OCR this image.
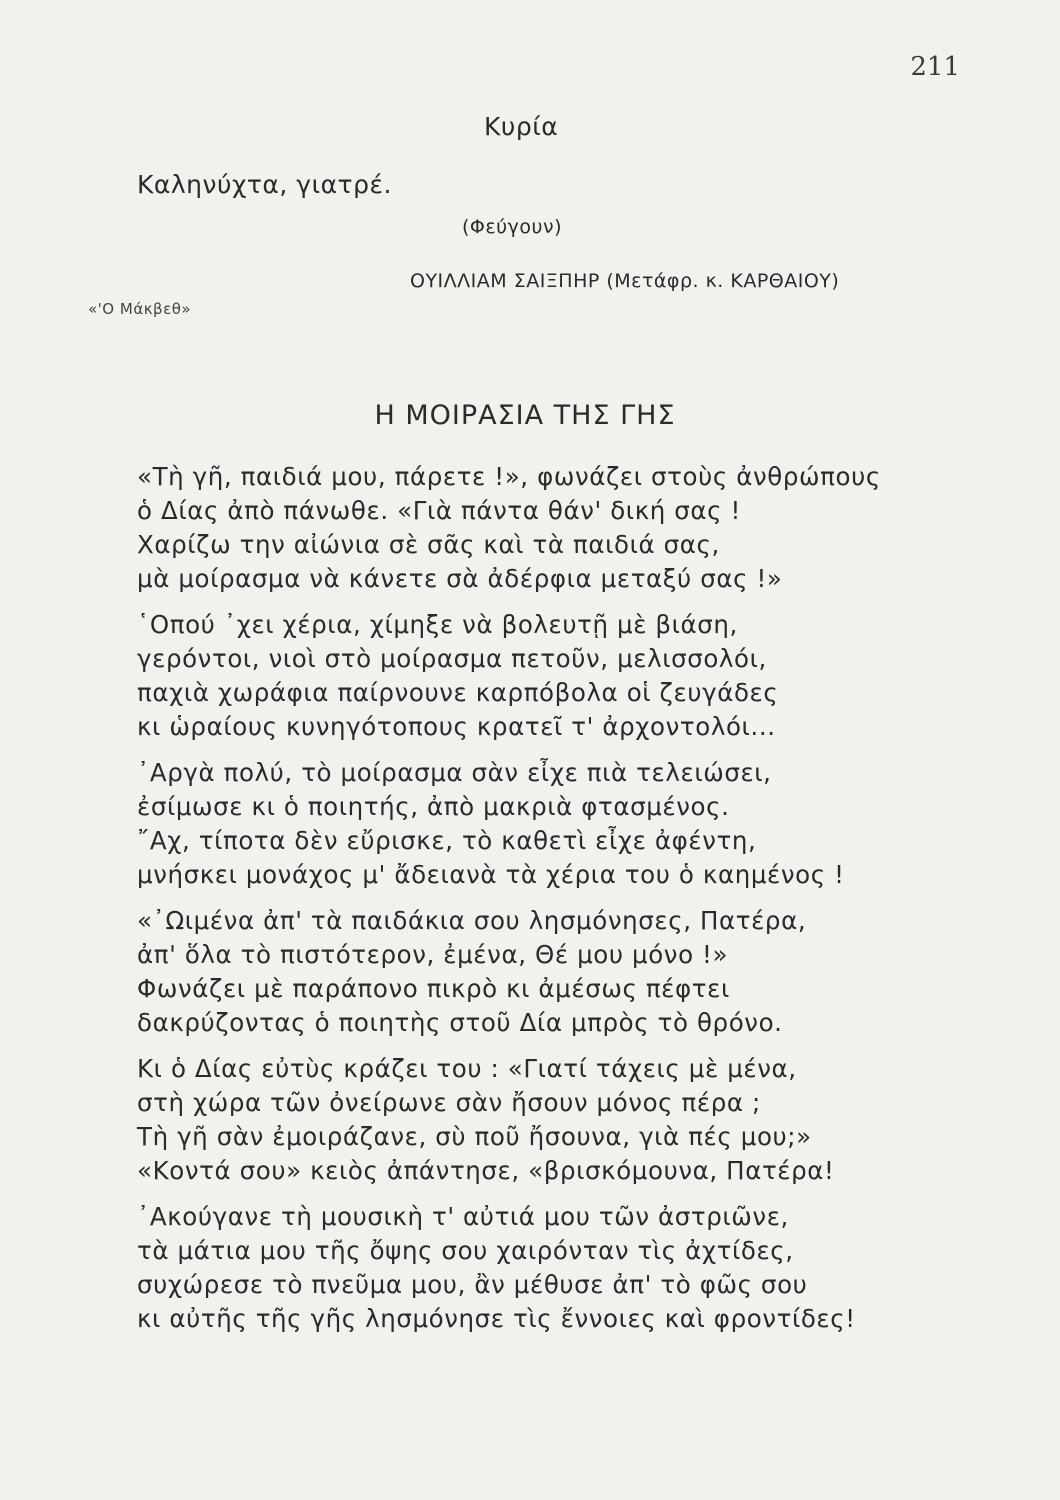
211
Κυρία
Καληνύχτα, γιατρέ.
(Φεύγουν)
ΟΥΙΛΛΙΑΜ ΣΑΙΞΠΗΡ (Μετάφρ. κ. ΚΑΡΘΑΙΟΥ)
«'Ο Μάκβεθ»
Η ΜΟΙΡΑΣΙΑ ΤΗΣ ΓΗΣ
«Τὴ γῆ, παιδιά μου, πάρετε !», φωνάζει στοὺς ἀνθρώπους
ὁ Δίας ἀπὸ πάνωθε. «Γιὰ πάντα θάν' δική σας !
Χαρίζω την αἰώνια σὲ σᾶς καὶ τὰ παιδιά σας,
μὰ μοίρασμα νὰ κάνετε σὰ ἀδέρφια μεταξύ σας !»
῾Οπού ᾿χει χέρια, χίμηξε νὰ βολευτῇ μὲ βιάση,
γερόντοι, νιοὶ στὸ μοίρασμα πετοῦν, μελισσολόι,
παχιὰ χωράφια παίρνουνε καρπόβολα οἱ ζευγάδες
κι ὡραίους κυνηγότοπους κρατεῖ τ' ἀρχοντολόι...
᾿Αργὰ πολύ, τὸ μοίρασμα σὰν εἶχε πιὰ τελειώσει,
ἐσίμωσε κι ὁ ποιητής, ἀπὸ μακριὰ φτασμένος.
῎Αχ, τίποτα δὲν εὔρισκε, τὸ καθετὶ εἶχε ἀφέντη,
μνήσκει μονάχος μ' ἄδειανὰ τὰ χέρια του ὁ καημένος !
«᾿Ωιμένα ἀπ' τὰ παιδάκια σου λησμόνησες, Πατέρα,
ἀπ' ὅλα τὸ πιστότερον, ἐμένα, Θέ μου μόνο !»
Φωνάζει μὲ παράπονο πικρὸ κι ἀμέσως πέφτει
δακρύζοντας ὁ ποιητὴς στοῦ Δία μπρὸς τὸ θρόνο.
Κι ὁ Δίας εὐτὺς κράζει του : «Γιατί τάχεις μὲ μένα,
στὴ χώρα τῶν ὀνείρωνε σὰν ἤσουν μόνος πέρα ;
Τὴ γῆ σὰν ἐμοιράζανε, σὺ ποῦ ἤσουνα, γιὰ πές μου;»
«Κοντά σου» κειὸς ἀπάντησε, «βρισκόμουνα, Πατέρα!
᾿Ακούγανε τὴ μουσικὴ τ' αὐτιά μου τῶν ἀστριῶνε,
τὰ μάτια μου τῆς ὄψης σου χαιρόνταν τὶς ἀχτίδες,
συχώρεσε τὸ πνεῦμα μου, ἂν μέθυσε ἀπ' τὸ φῶς σου
κι αὐτῆς τῆς γῆς λησμόνησε τὶς ἔννοιες καὶ φροντίδες!
